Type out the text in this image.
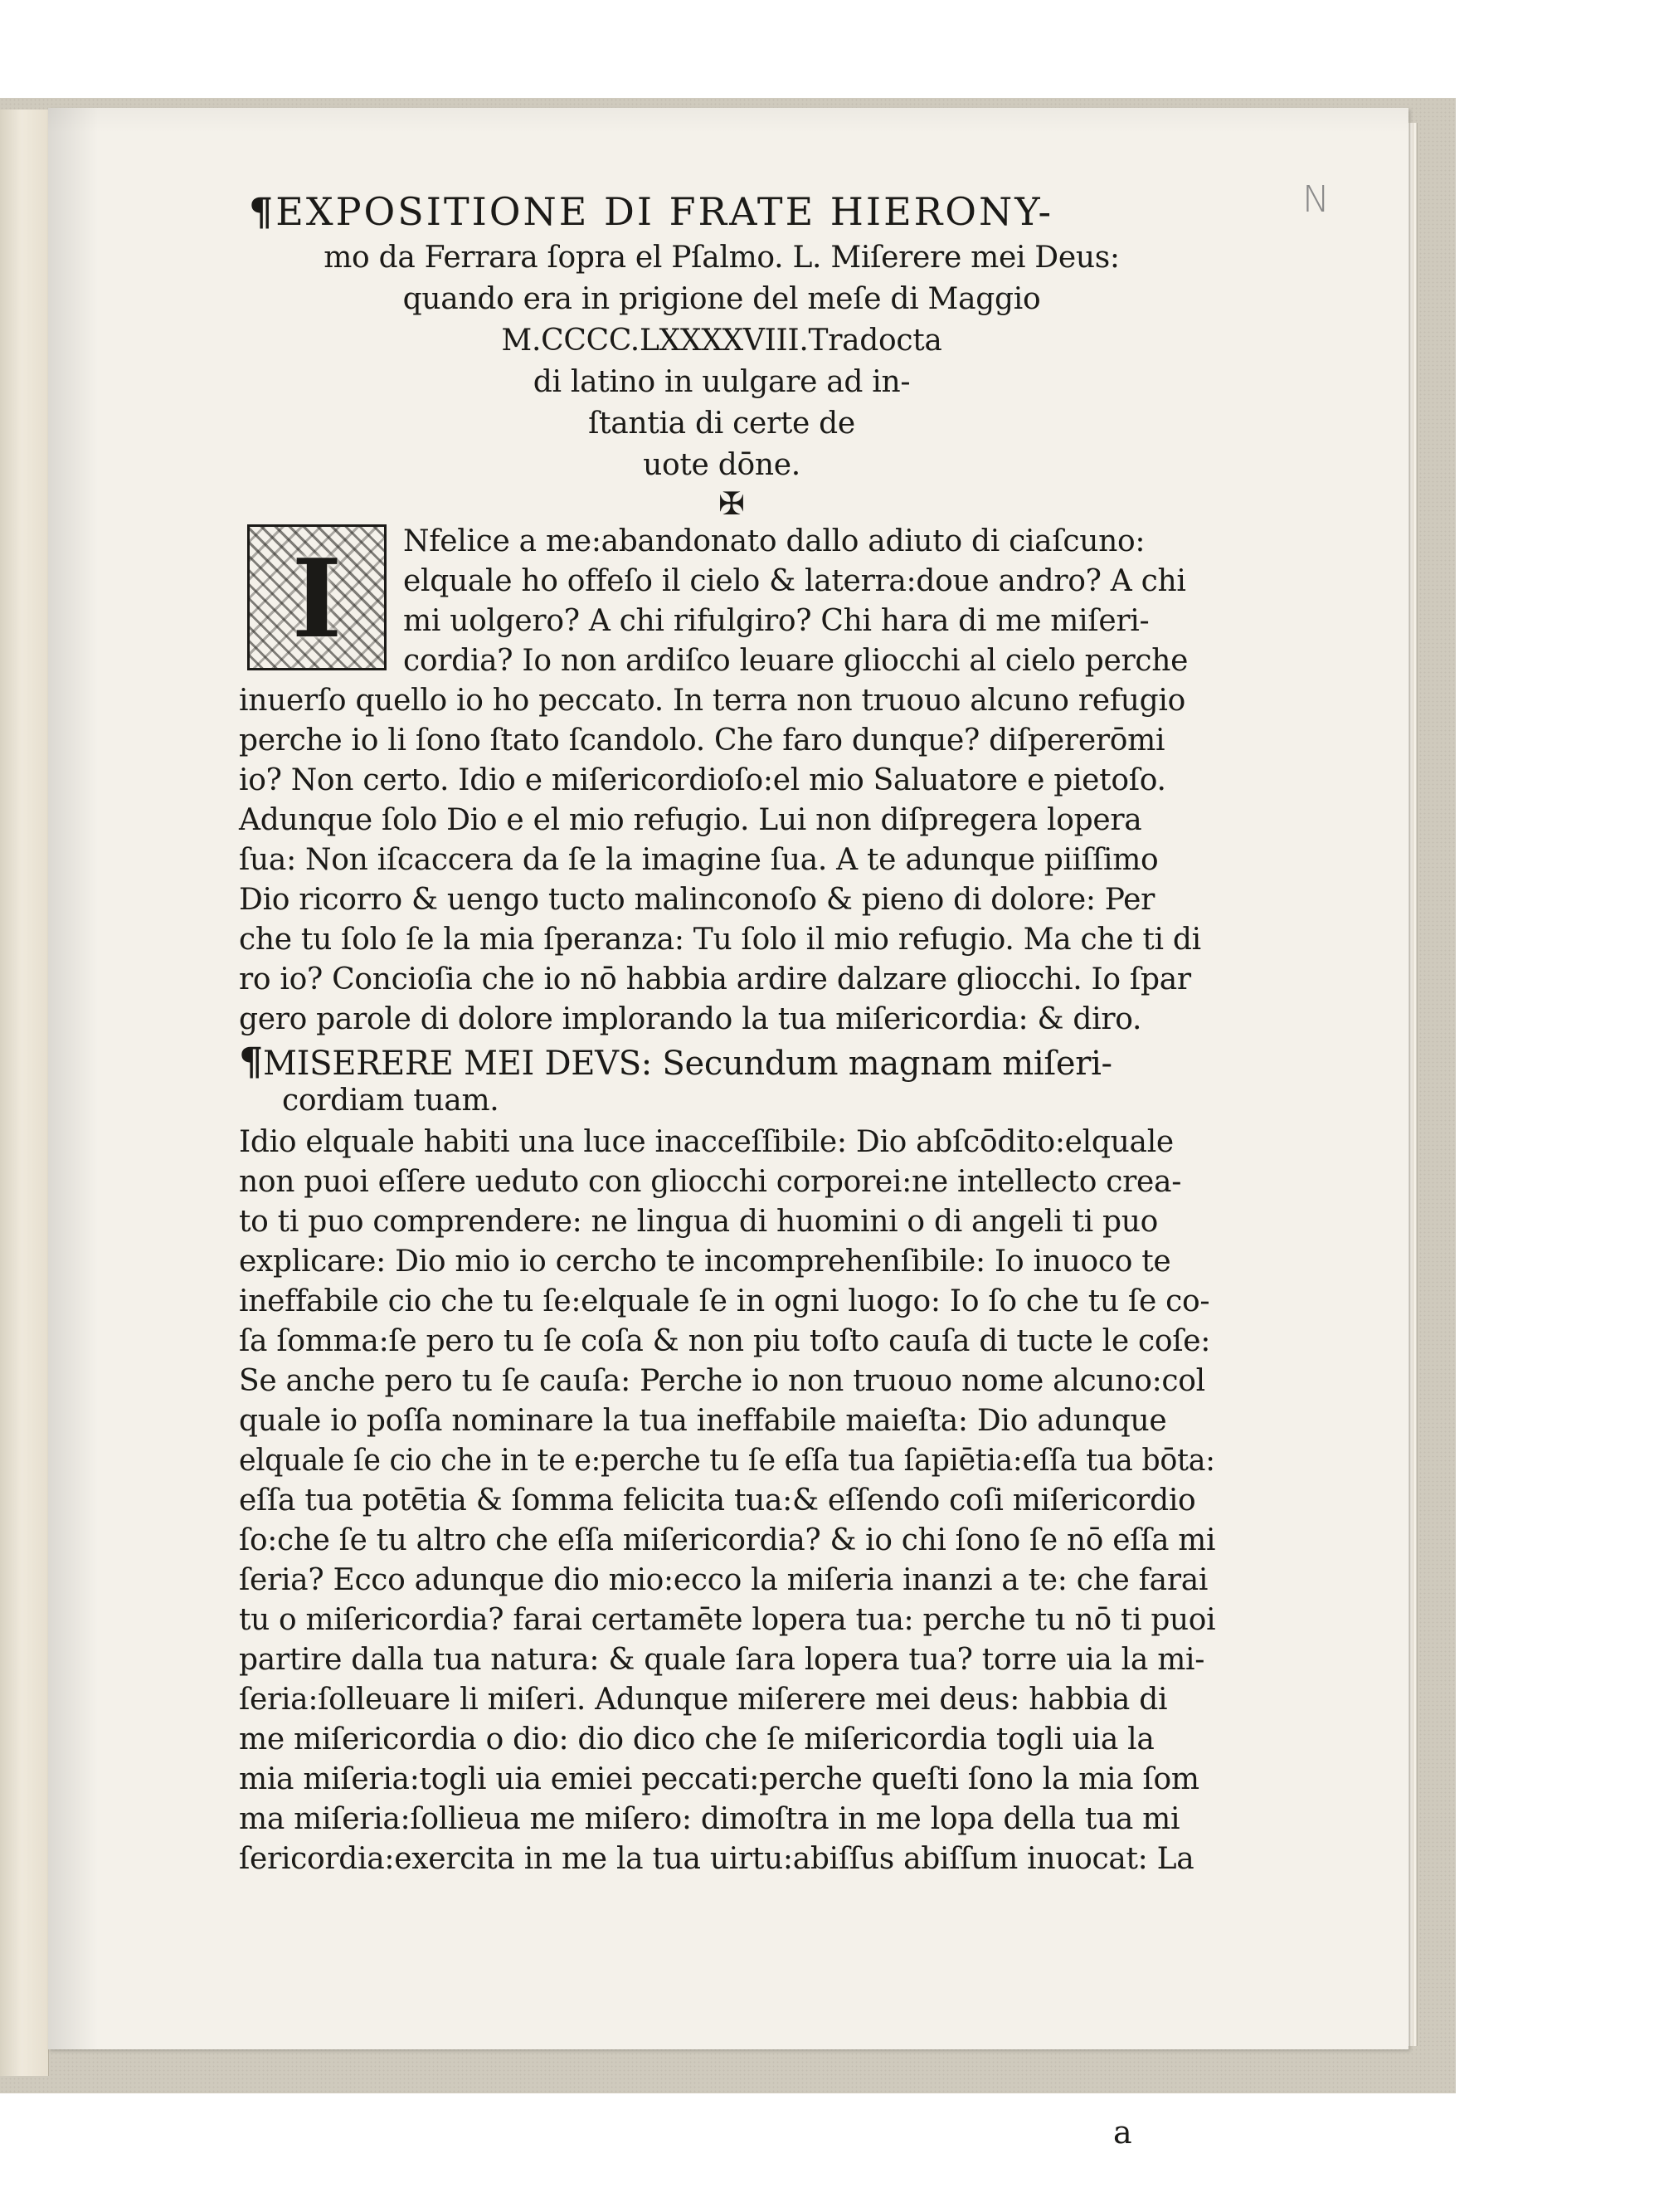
N
¶EXPOSITIONE DI FRATE HIERONY-
mo da Ferrara ſopra el Pſalmo. L. Miſerere mei Deus:
quando era in prigione del meſe di Maggio
M.CCCC.LXXXXVIII.Tradocta
di latino in uulgare ad in-
ſtantia di certe de
uote dōne.
✠
I	Nfelice a me:abandonato dallo adiuto di ciaſcuno:
elquale ho offeſo il cielo & laterra:doue andro? A chi
mi uolgero? A chi rifulgiro? Chi hara di me miſeri-
cordia? Io non ardiſco leuare gliocchi al cielo perche
inuerſo quello io ho peccato. In terra non truouo alcuno refugio
perche io li ſono ſtato ſcandolo. Che faro dunque? diſpererōmi
io? Non certo. Idio e miſericordioſo:el mio Saluatore e pietoſo.
Adunque ſolo Dio e el mio refugio. Lui non diſpregera lopera
ſua: Non iſcaccera da ſe la imagine ſua. A te adunque piiſſimo
Dio ricorro & uengo tucto malinconoſo & pieno di dolore: Per
che tu ſolo ſe la mia ſperanza: Tu ſolo il mio refugio. Ma che ti di
ro io? Concioſia che io nō habbia ardire dalzare gliocchi. Io ſpar
gero parole di dolore implorando la tua miſericordia: & diro.
¶MISERERE MEI DEVS: Secundum magnam miſeri-
cordiam tuam.
Idio elquale habiti una luce inacceſſibile: Dio abſcōdito:elquale
non puoi eſſere ueduto con gliocchi corporei:ne intellecto crea-
to ti puo comprendere: ne lingua di huomini o di angeli ti puo
explicare: Dio mio io cercho te incomprehenſibile: Io inuoco te
ineffabile cio che tu ſe:elquale ſe in ogni luogo: Io ſo che tu ſe co-
ſa ſomma:ſe pero tu ſe coſa & non piu toſto cauſa di tucte le coſe:
Se anche pero tu ſe cauſa: Perche io non truouo nome alcuno:col
quale io poſſa nominare la tua ineffabile maieſta: Dio adunque
elquale ſe cio che in te e:perche tu ſe eſſa tua ſapiētia:eſſa tua bōta:
eſſa tua potētia & ſomma felicita tua:& eſſendo coſi miſericordio
ſo:che ſe tu altro che eſſa miſericordia? & io chi ſono ſe nō eſſa mi
ſeria? Ecco adunque dio mio:ecco la miſeria inanzi a te: che farai
tu o miſericordia? farai certamēte lopera tua: perche tu nō ti puoi
partire dalla tua natura: & quale ſara lopera tua? torre uia la mi-
ſeria:ſolleuare li miſeri. Adunque miſerere mei deus: habbia di
me miſericordia o dio: dio dico che ſe miſericordia togli uia la
mia miſeria:togli uia emiei peccati:perche queſti ſono la mia ſom
ma miſeria:ſollieua me miſero: dimoſtra in me lopa della tua mi
ſericordia:exercita in me la tua uirtu:abiſſus abiſſum inuocat: La
a
